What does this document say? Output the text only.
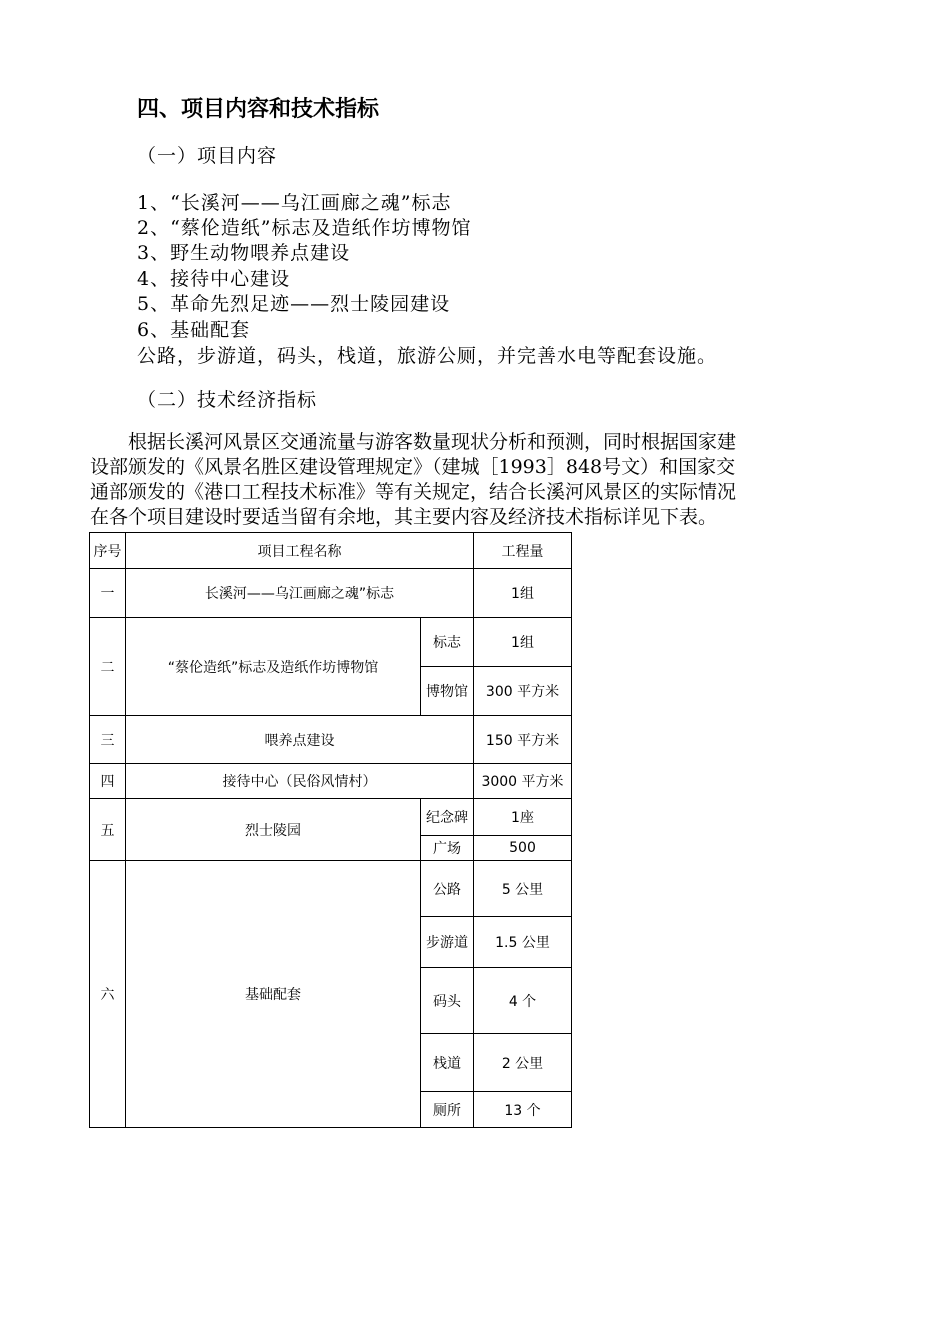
四、项目内容和技术指标
（一）项目内容
1、“长溪河——乌江画廊之魂”标志
2、“蔡伦造纸”标志及造纸作坊博物馆
3、野生动物喂养点建设
4、接待中心建设
5、革命先烈足迹——烈士陵园建设
6、基础配套
公路，步游道，码头，栈道，旅游公厕，并完善水电等配套设施。
（二）技术经济指标
　　根据长溪河风景区交通流量与游客数量现状分析和预测，同时根据国家建
设部颁发的《风景名胜区建设管理规定》（建城［1993］848号文）和国家交
通部颁发的《港口工程技术标准》等有关规定，结合长溪河风景区的实际情况
在各个项目建设时要适当留有余地，其主要内容及经济技术指标详见下表。
序号	项目工程名称		工程量
一	长溪河——乌江画廊之魂”标志		1组
二	“蔡伦造纸”标志及造纸作坊博物馆	标志	1组
		博物馆	300 平方米
三	喂养点建设		150 平方米
四	接待中心（民俗风情村）		3000 平方米
五	烈士陵园	纪念碑	1座
		广场	500
六	基础配套	公路	5 公里
		步游道	1.5 公里
		码头	4 个
		栈道	2 公里
		厕所	13 个
